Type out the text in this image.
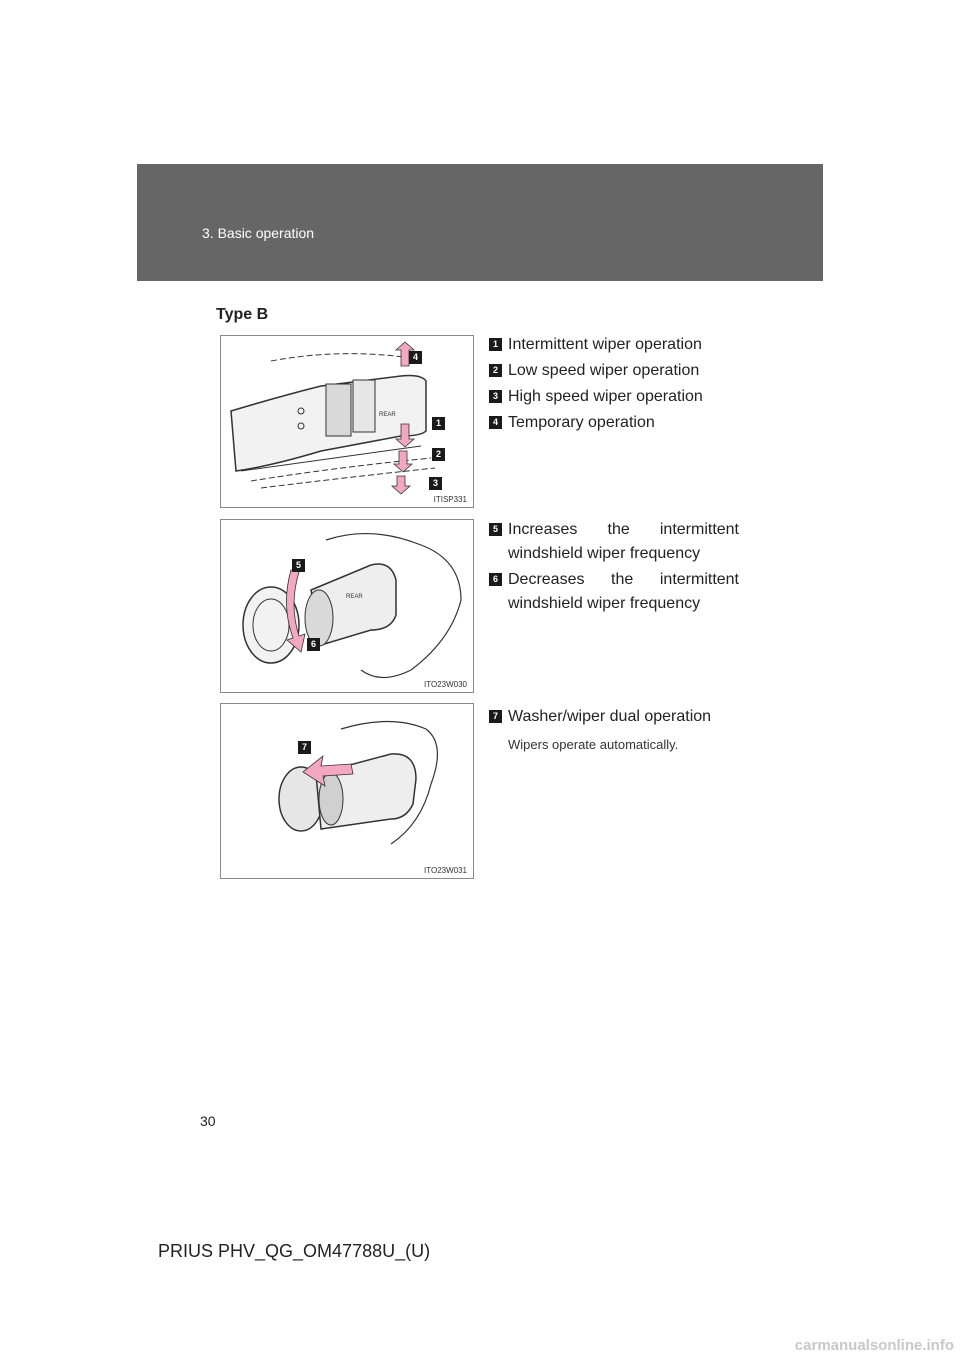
3. Basic operation
Type B
REAR
4
1
2
3
ITISP331
REAR
5
6
ITO23W030
7
ITO23W031
1 Intermittent wiper operation
2 Low speed wiper operation
3 High speed wiper operation
4 Temporary operation
5 Increases the intermittent windshield wiper frequency
6 Decreases the intermittent windshield wiper frequency
7 Washer/wiper dual operation
Wipers operate automatically.
30
PRIUS PHV_QG_OM47788U_(U)
carmanualsonline.info
